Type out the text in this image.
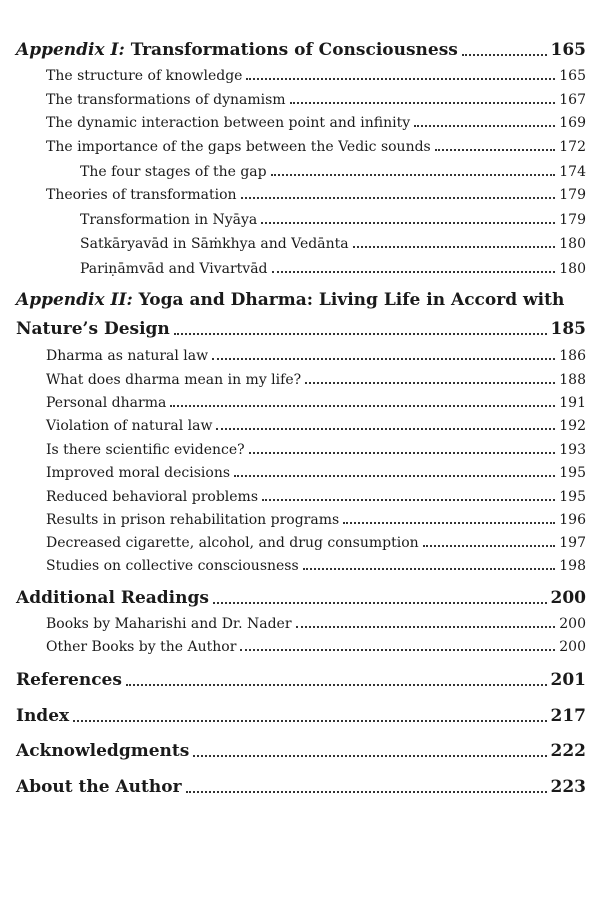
Appendix I: Transformations of Consciousness	165
The structure of knowledge	165
The transformations of dynamism	167
The dynamic interaction between point and infinity	169
The importance of the gaps between the Vedic sounds	172
The four stages of the gap	174
Theories of transformation	179
Transformation in Nyāya	179
Satkāryavād in Sāṁkhya and Vedānta	180
Pariṇāmvād and Vivartvād	180
Appendix II: Yoga and Dharma: Living Life in Accord with
Nature’s Design	185
Dharma as natural law	186
What does dharma mean in my life?	188
Personal dharma	191
Violation of natural law	192
Is there scientific evidence?	193
Improved moral decisions	195
Reduced behavioral problems	195
Results in prison rehabilitation programs	196
Decreased cigarette, alcohol, and drug consumption	197
Studies on collective consciousness	198
Additional Readings	200
Books by Maharishi and Dr. Nader	200
Other Books by the Author	200
References	201
Index	217
Acknowledgments	222
About the Author	223
